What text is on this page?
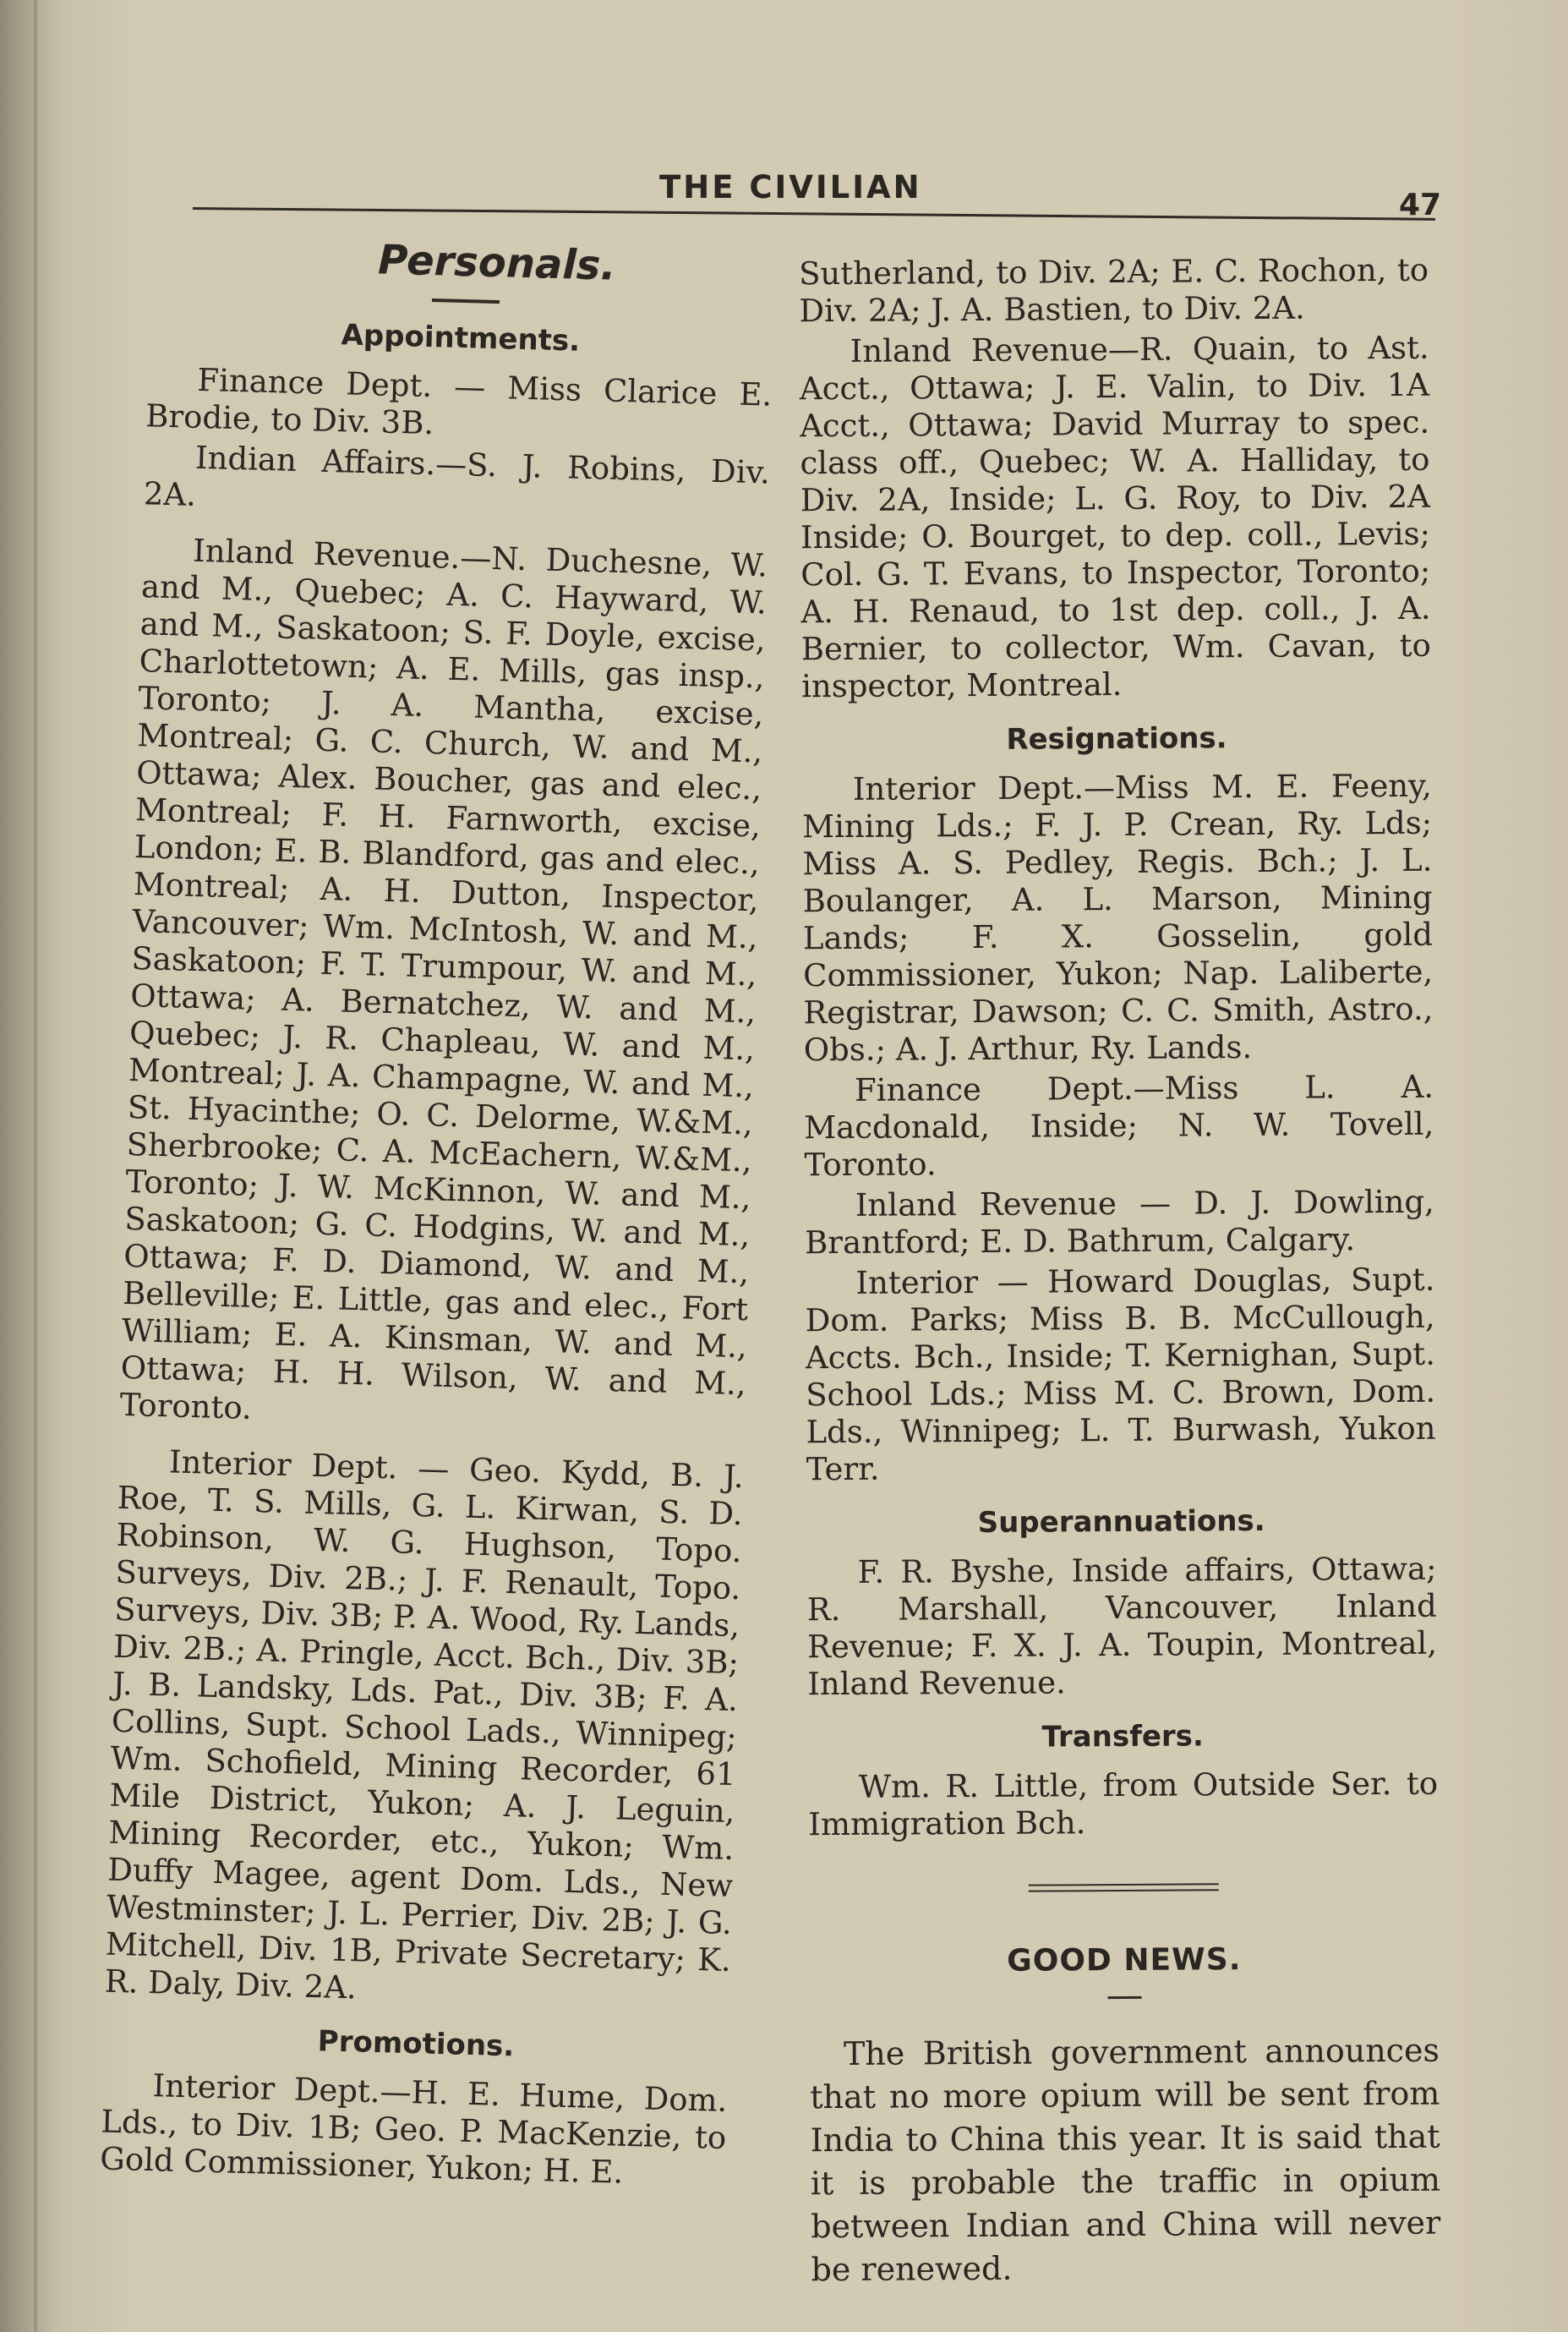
THE CIVILIAN	47
Personals.
Appointments.

Finance Dept. — Miss Clarice E. Brodie, to Div. 3B.

Indian Affairs.—S. J. Robins, Div. 2A.

Inland Revenue.—N. Duchesne, W. and M., Quebec; A. C. Hayward, W. and M., Saskatoon; S. F. Doyle, excise, Charlottetown; A. E. Mills, gas insp., Toronto; J. A. Mantha, excise, Montreal; G. C. Church, W. and M., Ottawa; Alex. Boucher, gas and elec., Montreal; F. H. Farnworth, excise, London; E. B. Blandford, gas and elec., Montreal; A. H. Dutton, Inspector, Vancouver; Wm. McIntosh, W. and M., Saskatoon; F. T. Trumpour, W. and M., Ottawa; A. Bernatchez, W. and M., Quebec; J. R. Chapleau, W. and M., Montreal; J. A. Champagne, W. and M., St. Hyacinthe; O. C. Delorme, W.&M., Sherbrooke; C. A. McEachern, W.&M., Toronto; J. W. McKinnon, W. and M., Saskatoon; G. C. Hodgins, W. and M., Ottawa; F. D. Diamond, W. and M., Belleville; E. Little, gas and elec., Fort William; E. A. Kinsman, W. and M., Ottawa; H. H. Wilson, W. and M., Toronto.

Interior Dept. — Geo. Kydd, B. J. Roe, T. S. Mills, G. L. Kirwan, S. D. Robinson, W. G. Hughson, Topo. Surveys, Div. 2B.; J. F. Renault, Topo. Surveys, Div. 3B; P. A. Wood, Ry. Lands, Div. 2B.; A. Pringle, Acct. Bch., Div. 3B; J. B. Landsky, Lds. Pat., Div. 3B; F. A. Collins, Supt. School Lads., Winnipeg; Wm. Schofield, Mining Recorder, 61 Mile District, Yukon; A. J. Leguin, Mining Recorder, etc., Yukon; Wm. Duffy Magee, agent Dom. Lds., New Westminster; J. L. Perrier, Div. 2B; J. G. Mitchell, Div. 1B, Private Secretary; K. R. Daly, Div. 2A.

Promotions.

Interior Dept.—H. E. Hume, Dom. Lds., to Div. 1B; Geo. P. MacKenzie, to Gold Commissioner, Yukon; H. E.

Sutherland, to Div. 2A; E. C. Rochon, to Div. 2A; J. A. Bastien, to Div. 2A.

Inland Revenue—R. Quain, to Ast. Acct., Ottawa; J. E. Valin, to Div. 1A Acct., Ottawa; David Murray to spec. class off., Quebec; W. A. Halliday, to Div. 2A, Inside; L. G. Roy, to Div. 2A Inside; O. Bourget, to dep. coll., Levis; Col. G. T. Evans, to Inspector, Toronto; A. H. Renaud, to 1st dep. coll., J. A. Bernier, to collector, Wm. Cavan, to inspector, Montreal.

Resignations.

Interior Dept.—Miss M. E. Feeny, Mining Lds.; F. J. P. Crean, Ry. Lds; Miss A. S. Pedley, Regis. Bch.; J. L. Boulanger, A. L. Marson, Mining Lands; F. X. Gosselin, gold Commissioner, Yukon; Nap. Laliberte, Registrar, Dawson; C. C. Smith, Astro., Obs.; A. J. Arthur, Ry. Lands.

Finance Dept.—Miss L. A. Macdonald, Inside; N. W. Tovell, Toronto.

Inland Revenue — D. J. Dowling, Brantford; E. D. Bathrum, Calgary.

Interior — Howard Douglas, Supt. Dom. Parks; Miss B. B. McCullough, Accts. Bch., Inside; T. Kernighan, Supt. School Lds.; Miss M. C. Brown, Dom. Lds., Winnipeg; L. T. Burwash, Yukon Terr.

Superannuations.

F. R. Byshe, Inside affairs, Ottawa; R. Marshall, Vancouver, Inland Revenue; F. X. J. A. Toupin, Montreal, Inland Revenue.

Transfers.

Wm. R. Little, from Outside Ser. to Immigration Bch.

GOOD NEWS.

The British government announces that no more opium will be sent from India to China this year. It is said that it is probable the traffic in opium between Indian and China will never be renewed.
